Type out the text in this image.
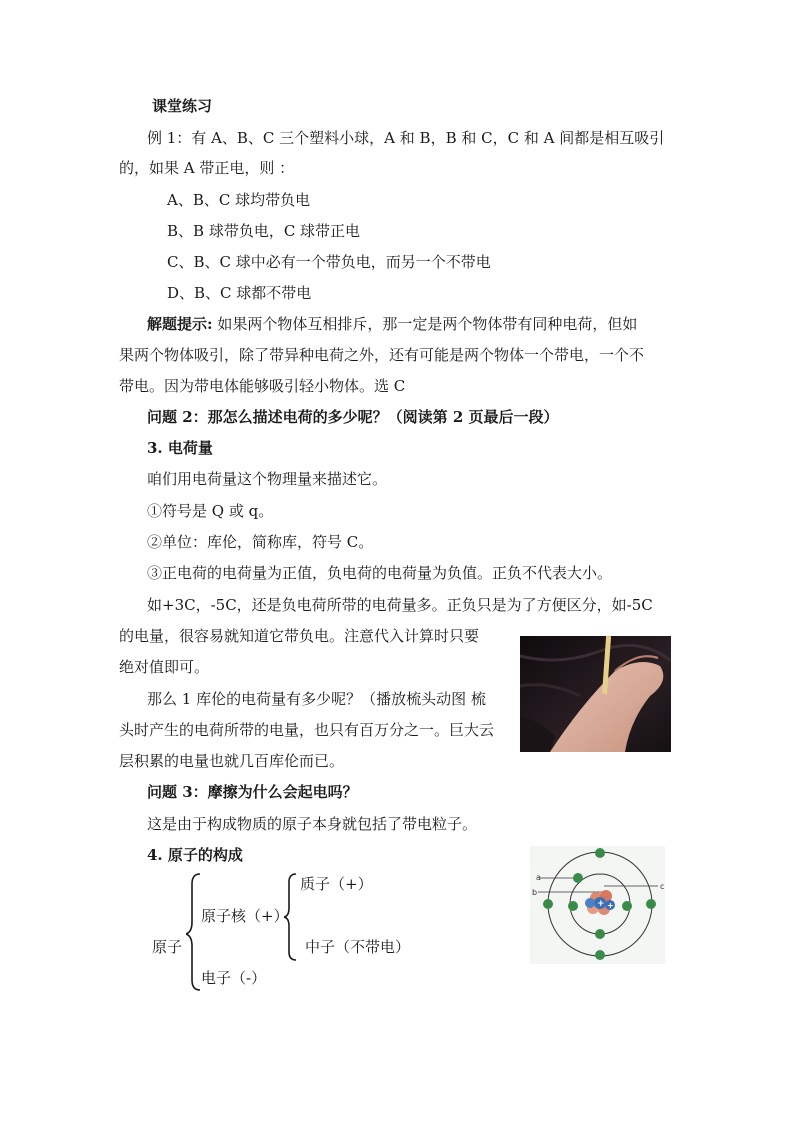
课堂练习
例 1：有 A、B、C 三个塑料小球，A 和 B，B 和 C，C 和 A 间都是相互吸引
的，如果 A 带正电，则 ：
A、B、C 球均带负电
B、B 球带负电，C 球带正电
C、B、C 球中必有一个带负电，而另一个不带电
D、B、C 球都不带电
解题提示: 如果两个物体互相排斥，那一定是两个物体带有同种电荷，但如
果两个物体吸引，除了带异种电荷之外，还有可能是两个物体一个带电，一个不
带电。因为带电体能够吸引轻小物体。选 C
问题 2：那怎么描述电荷的多少呢？（阅读第 2 页最后一段）
3. 电荷量
咱们用电荷量这个物理量来描述它。
①符号是 Q 或 q。
②单位：库伦，简称库，符号 C。
③正电荷的电荷量为正值，负电荷的电荷量为负值。正负不代表大小。
如+3C，-5C，还是负电荷所带的电荷量多。正负只是为了方便区分，如-5C
的电量，很容易就知道它带负电。注意代入计算时只要
绝对值即可。
那么 1 库伦的电荷量有多少呢？（播放梳头动图 梳
头时产生的电荷所带的电量，也只有百万分之一。巨大云
层积累的电量也就几百库伦而已。
问题 3：摩擦为什么会起电吗？
这是由于构成物质的原子本身就包括了带电粒子。
4. 原子的构成
原子
原子核（+）
电子（-）
质子（+）
中子（不带电）
a
b
c
+ +
